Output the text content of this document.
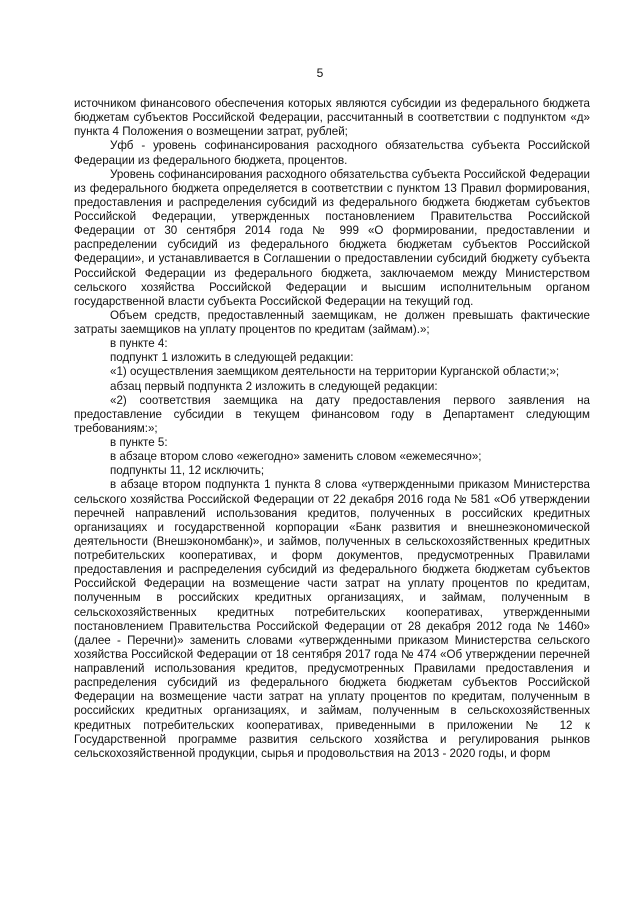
5

источником финансового обеспечения которых являются субсидии из федерального бюджета бюджетам субъектов Российской Федерации, рассчитанный в соответствии с подпунктом «д» пункта 4 Положения о возмещении затрат, рублей;

Уфб - уровень софинансирования расходного обязательства субъекта Российской Федерации из федерального бюджета, процентов.

Уровень софинансирования расходного обязательства субъекта Российской Федерации из федерального бюджета определяется в соответствии с пунктом 13 Правил формирования, предоставления и распределения субсидий из федерального бюджета бюджетам субъектов Российской Федерации, утвержденных постановлением Правительства Российской Федерации от 30 сентября 2014 года № 999 «О формировании, предоставлении и распределении субсидий из федерального бюджета бюджетам субъектов Российской Федерации», и устанавливается в Соглашении о предоставлении субсидий бюджету субъекта Российской Федерации из федерального бюджета, заключаемом между Министерством сельского хозяйства Российской Федерации и высшим исполнительным органом государственной власти субъекта Российской Федерации на текущий год.

Объем средств, предоставленный заемщикам, не должен превышать фактические затраты заемщиков на уплату процентов по кредитам (займам).»;

в пункте 4:

подпункт 1 изложить в следующей редакции:

«1) осуществления заемщиком деятельности на территории Курганской области;»;

абзац первый подпункта 2 изложить в следующей редакции:

«2) соответствия заемщика на дату предоставления первого заявления на предоставление субсидии в текущем финансовом году в Департамент следующим требованиям:»;

в пункте 5:

в абзаце втором слово «ежегодно» заменить словом «ежемесячно»;

подпункты 11, 12 исключить;

в абзаце втором подпункта 1 пункта 8 слова «утвержденными приказом Министерства сельского хозяйства Российской Федерации от 22 декабря 2016 года № 581 «Об утверждении перечней направлений использования кредитов, полученных в российских кредитных организациях и государственной корпорации «Банк развития и внешнеэкономической деятельности (Внешэкономбанк)», и займов, полученных в сельскохозяйственных кредитных потребительских кооперативах, и форм документов, предусмотренных Правилами предоставления и распределения субсидий из федерального бюджета бюджетам субъектов Российской Федерации на возмещение части затрат на уплату процентов по кредитам, полученным в российских кредитных организациях, и займам, полученным в сельскохозяйственных кредитных потребительских кооперативах, утвержденными постановлением Правительства Российской Федерации от 28 декабря 2012 года № 1460» (далее - Перечни)» заменить словами «утвержденными приказом Министерства сельского хозяйства Российской Федерации от 18 сентября 2017 года № 474 «Об утверждении перечней направлений использования кредитов, предусмотренных Правилами предоставления и распределения субсидий из федерального бюджета бюджетам субъектов Российской Федерации на возмещение части затрат на уплату процентов по кредитам, полученным в российских кредитных организациях, и займам, полученным в сельскохозяйственных кредитных потребительских кооперативах, приведенными в приложении № 12 к Государственной программе развития сельского хозяйства и регулирования рынков сельскохозяйственной продукции, сырья и продовольствия на 2013 - 2020 годы, и форм
